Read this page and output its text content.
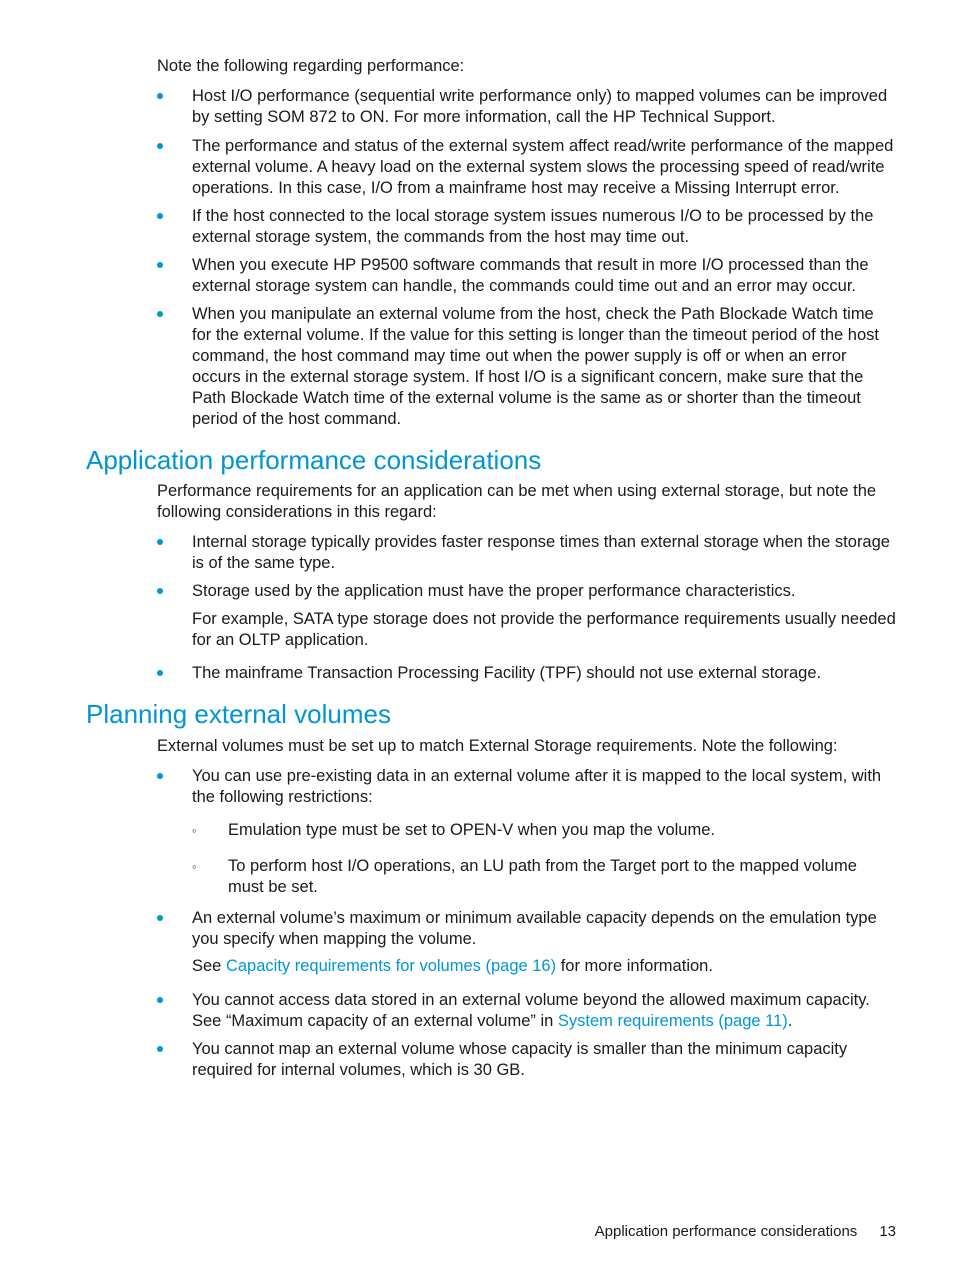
Note the following regarding performance:

Host I/O performance (sequential write performance only) to mapped volumes can be improved by setting SOM 872 to ON. For more information, call the HP Technical Support.

The performance and status of the external system affect read/write performance of the mapped external volume. A heavy load on the external system slows the processing speed of read/write operations. In this case, I/O from a mainframe host may receive a Missing Interrupt error.

If the host connected to the local storage system issues numerous I/O to be processed by the external storage system, the commands from the host may time out.

When you execute HP P9500 software commands that result in more I/O processed than the external storage system can handle, the commands could time out and an error may occur.

When you manipulate an external volume from the host, check the Path Blockade Watch time for the external volume. If the value for this setting is longer than the timeout period of the host command, the host command may time out when the power supply is off or when an error occurs in the external storage system. If host I/O is a significant concern, make sure that the Path Blockade Watch time of the external volume is the same as or shorter than the timeout period of the host command.

Application performance considerations

Performance requirements for an application can be met when using external storage, but note the following considerations in this regard:

Internal storage typically provides faster response times than external storage when the storage is of the same type.

Storage used by the application must have the proper performance characteristics.

For example, SATA type storage does not provide the performance requirements usually needed for an OLTP application.

The mainframe Transaction Processing Facility (TPF) should not use external storage.

Planning external volumes

External volumes must be set up to match External Storage requirements. Note the following:

You can use pre-existing data in an external volume after it is mapped to the local system, with the following restrictions:

◦ Emulation type must be set to OPEN-V when you map the volume.

◦ To perform host I/O operations, an LU path from the Target port to the mapped volume must be set.

An external volume’s maximum or minimum available capacity depends on the emulation type you specify when mapping the volume.

See Capacity requirements for volumes (page 16) for more information.

You cannot access data stored in an external volume beyond the allowed maximum capacity.
See “Maximum capacity of an external volume” in System requirements (page 11).

You cannot map an external volume whose capacity is smaller than the minimum capacity required for internal volumes, which is 30 GB.

Application performance considerations 13
